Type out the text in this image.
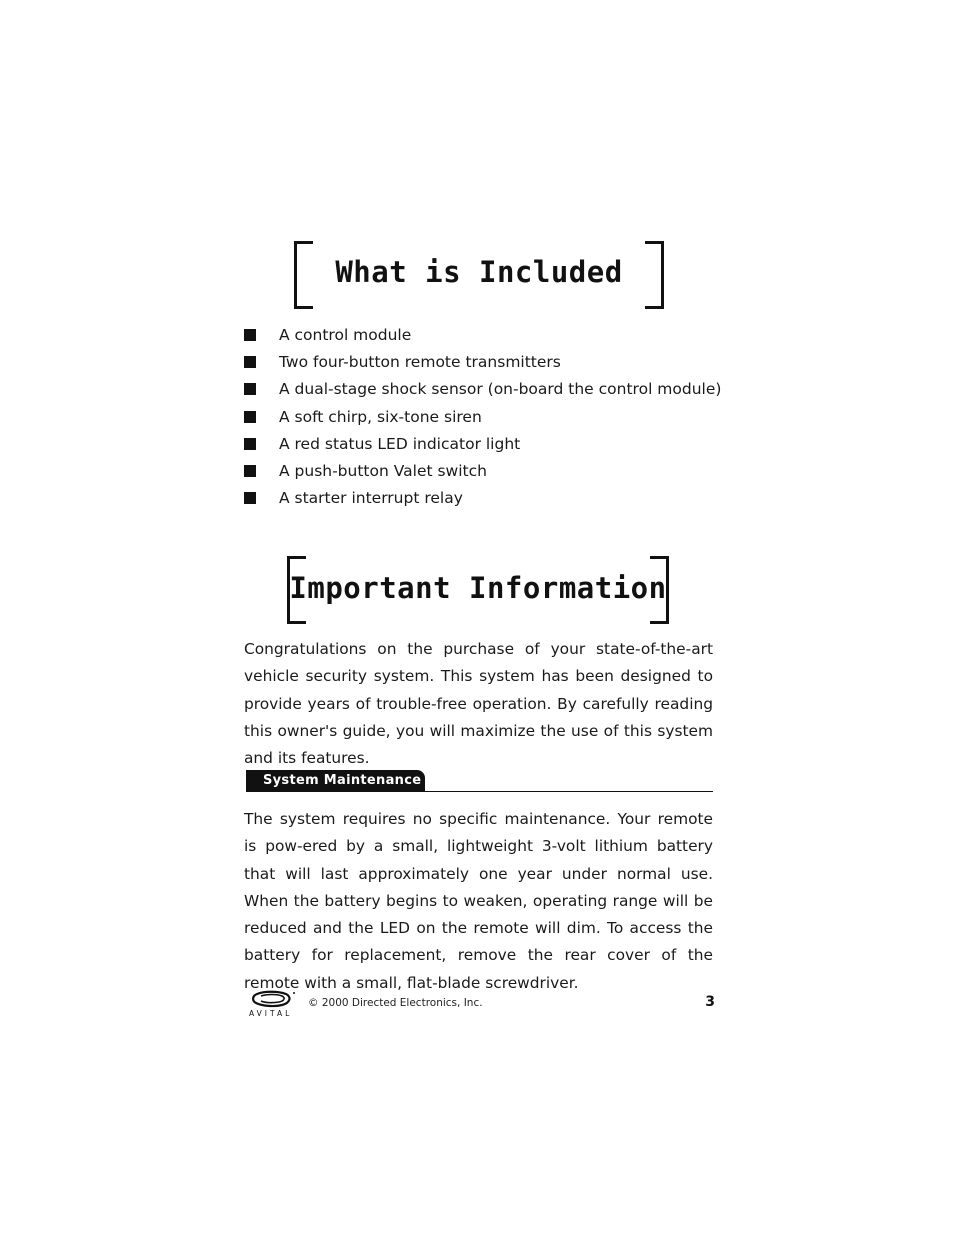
What is Included
A control module
Two four-button remote transmitters
A dual-stage shock sensor (on-board the control module)
A soft chirp, six-tone siren
A red status LED indicator light
A push-button Valet switch
A starter interrupt relay
Important Information

Congratulations on the purchase of your state-of-the-art vehicle security system. This system has been designed to provide years of trouble-free operation. By carefully reading this owner's guide, you will maximize the use of this system and its features.

System Maintenance

The system requires no specific maintenance. Your remote is pow-ered by a small, lightweight 3-volt lithium battery that will last approximately one year under normal use. When the battery begins to weaken, operating range will be reduced and the LED on the remote will dim. To access the battery for replacement, remove the rear cover of the remote with a small, flat-blade screwdriver.

AVITAL
© 2000 Directed Electronics, Inc.	3
